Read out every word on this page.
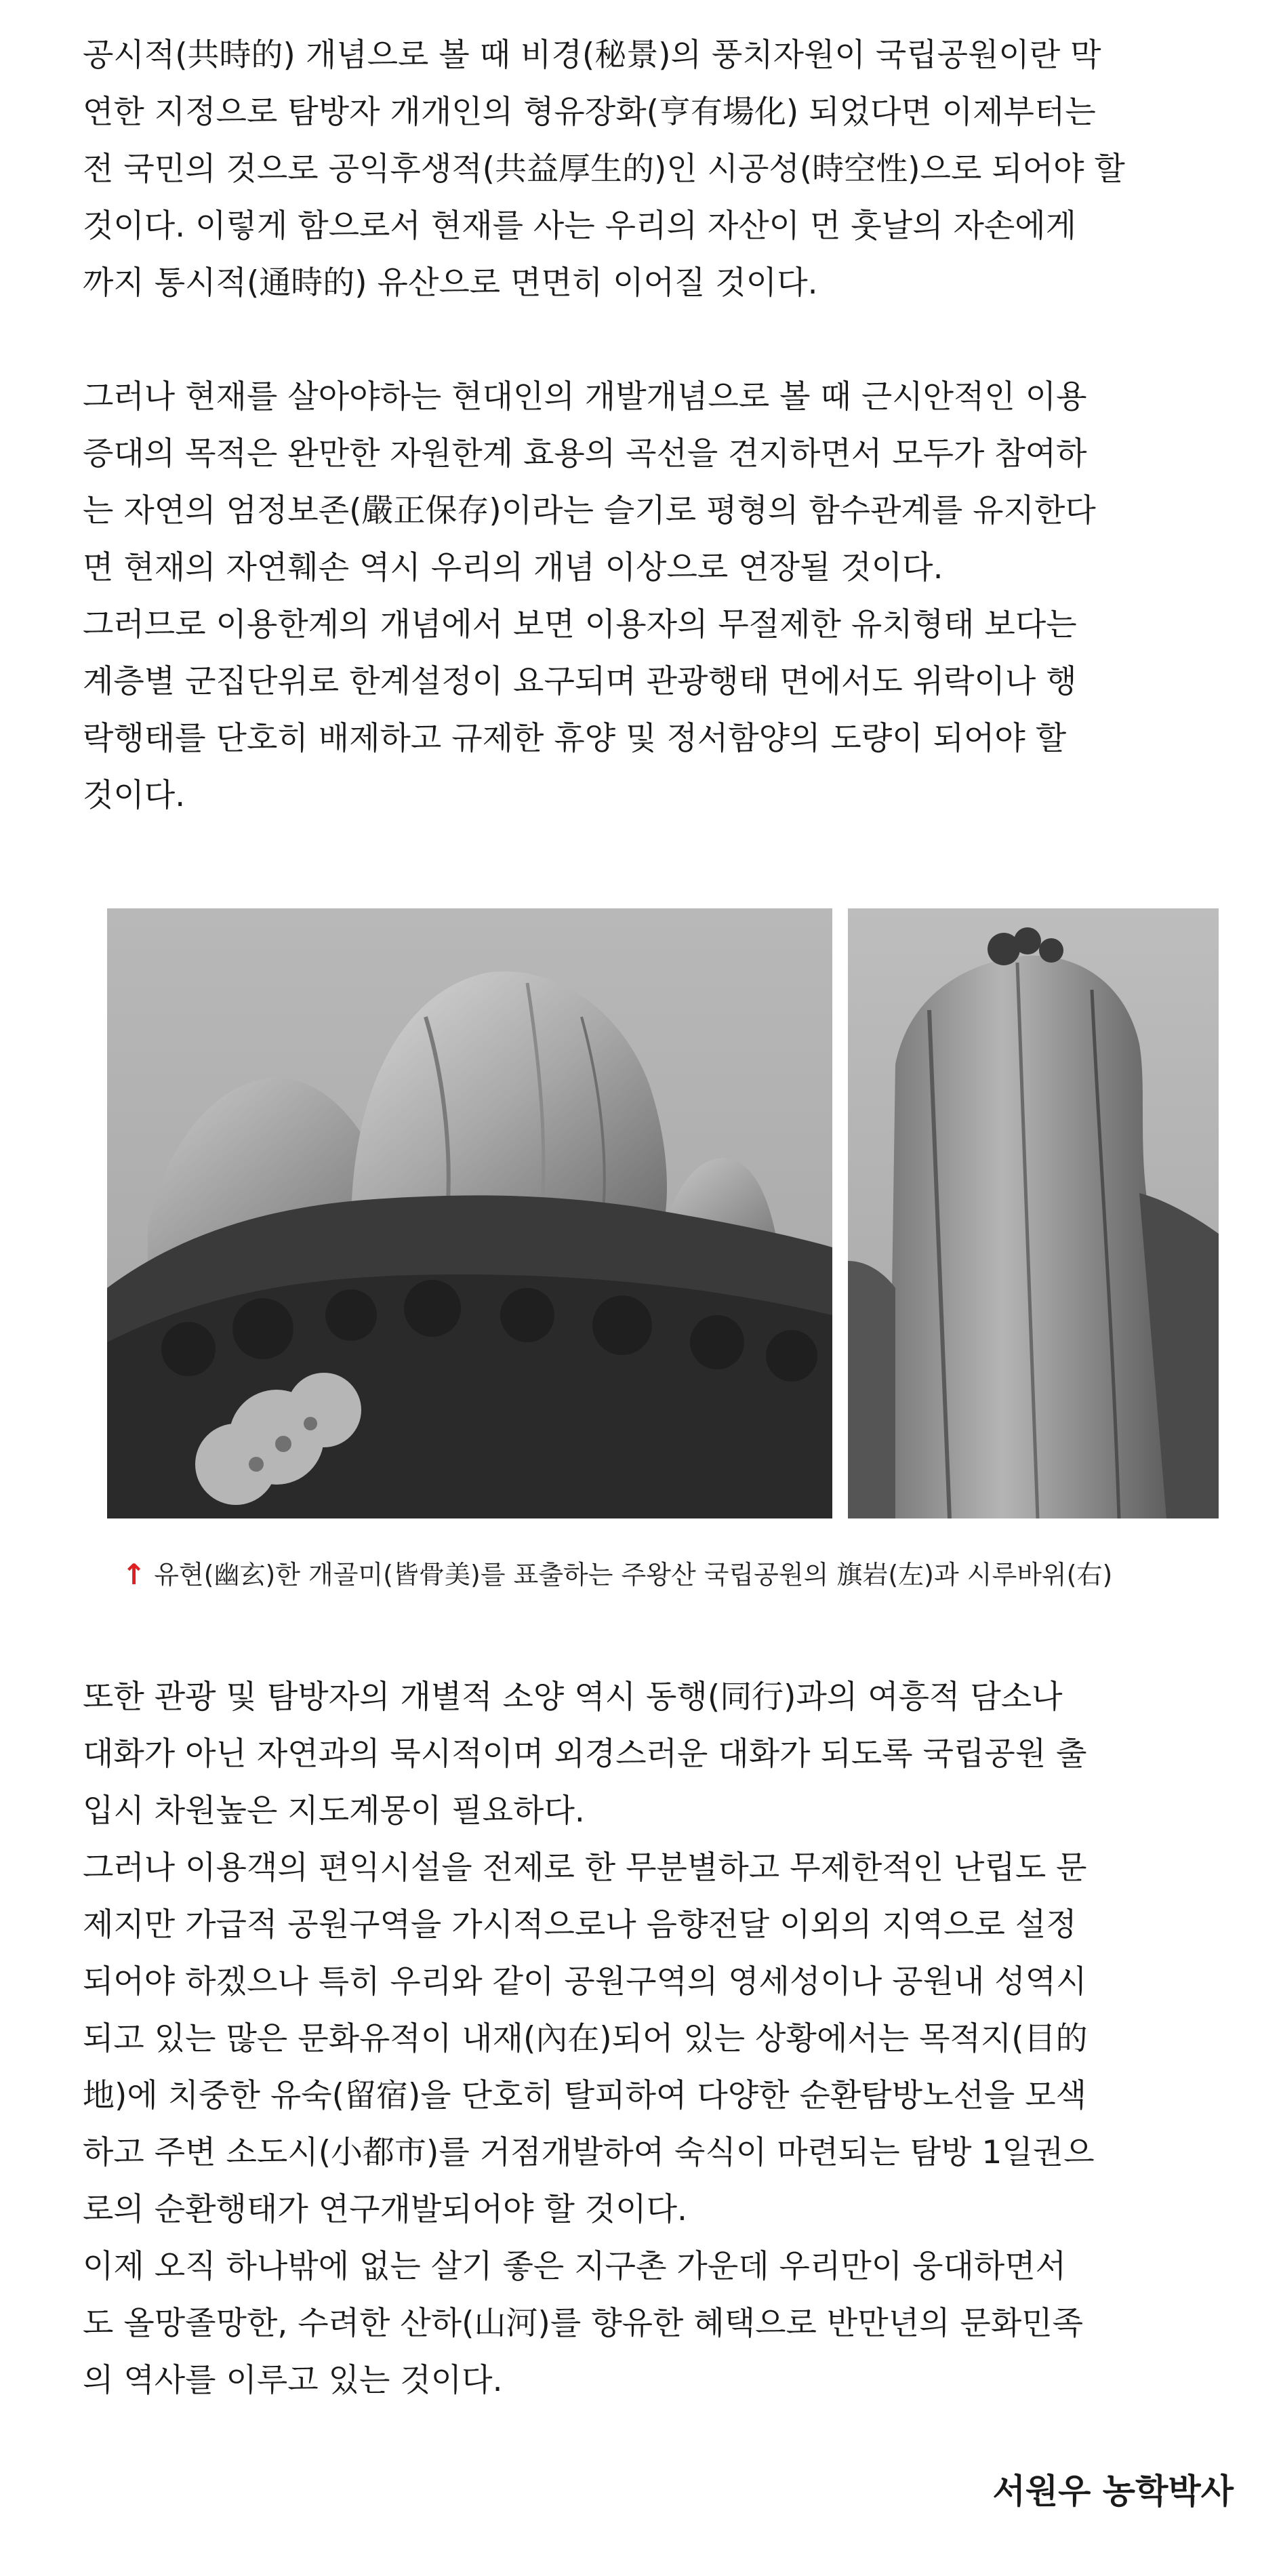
공시적(共時的) 개념으로 볼 때 비경(秘景)의 풍치자원이 국립공원이란 막
연한 지정으로 탐방자 개개인의 형유장화(亨有場化) 되었다면 이제부터는
전 국민의 것으로 공익후생적(共益厚生的)인 시공성(時空性)으로 되어야 할
것이다. 이렇게 함으로서 현재를 사는 우리의 자산이 먼 훗날의 자손에게
까지 통시적(通時的) 유산으로 면면히 이어질 것이다.

그러나 현재를 살아야하는 현대인의 개발개념으로 볼 때 근시안적인 이용
증대의 목적은 완만한 자원한계 효용의 곡선을 견지하면서 모두가 참여하
는 자연의 엄정보존(嚴正保存)이라는 슬기로 평형의 함수관계를 유지한다
면 현재의 자연훼손 역시 우리의 개념 이상으로 연장될 것이다.

그러므로 이용한계의 개념에서 보면 이용자의 무절제한 유치형태 보다는
계층별 군집단위로 한계설정이 요구되며 관광행태 면에서도 위락이나 행
락행태를 단호히 배제하고 규제한 휴양 및 정서함양의 도량이 되어야 할
것이다.

↑ 유현(幽玄)한 개골미(皆骨美)를 표출하는 주왕산 국립공원의 旗岩(左)과 시루바위(右)

또한 관광 및 탐방자의 개별적 소양 역시 동행(同行)과의 여흥적 담소나
대화가 아닌 자연과의 묵시적이며 외경스러운 대화가 되도록 국립공원 출
입시 차원높은 지도계몽이 필요하다.

그러나 이용객의 편익시설을 전제로 한 무분별하고 무제한적인 난립도 문
제지만 가급적 공원구역을 가시적으로나 음향전달 이외의 지역으로 설정
되어야 하겠으나 특히 우리와 같이 공원구역의 영세성이나 공원내 성역시
되고 있는 많은 문화유적이 내재(內在)되어 있는 상황에서는 목적지(目的
地)에 치중한 유숙(留宿)을 단호히 탈피하여 다양한 순환탐방노선을 모색
하고 주변 소도시(小都市)를 거점개발하여 숙식이 마련되는 탐방 1일권으
로의 순환행태가 연구개발되어야 할 것이다.

이제 오직 하나밖에 없는 살기 좋은 지구촌 가운데 우리만이 웅대하면서
도 올망졸망한, 수려한 산하(山河)를 향유한 혜택으로 반만년의 문화민족
의 역사를 이루고 있는 것이다.

서원우 농학박사
